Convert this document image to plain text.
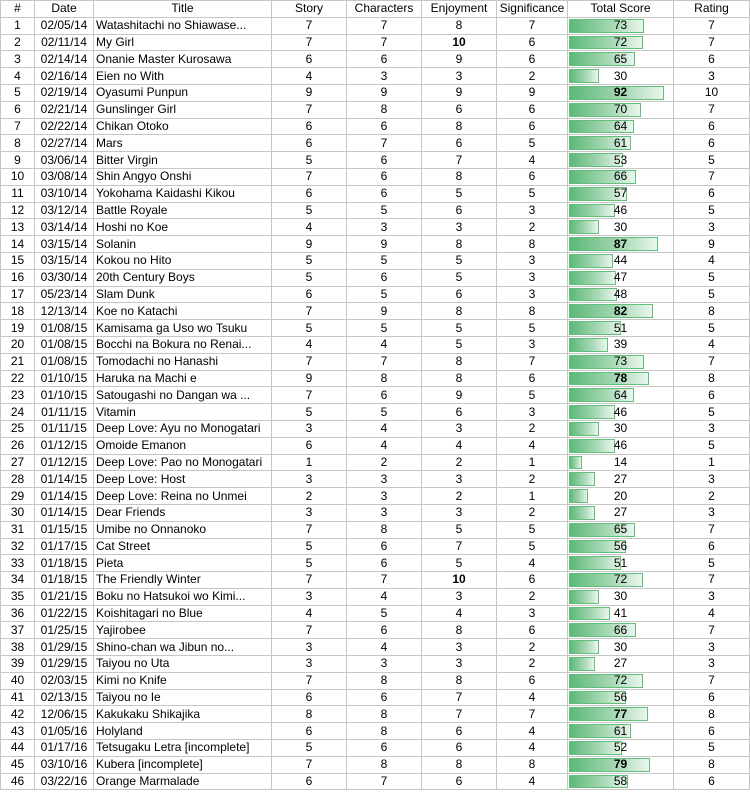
#	Date	Title	Story	Characters	Enjoyment	Significance	Total Score	Rating
1	02/05/14	Watashitachi no Shiawase...	7	7	8	7	73	7
2	02/11/14	My Girl	7	7	10	6	72	7
3	02/14/14	Onanie Master Kurosawa	6	6	9	6	65	6
4	02/16/14	Eien no With	4	3	3	2	30	3
5	02/19/14	Oyasumi Punpun	9	9	9	9	92	10
6	02/21/14	Gunslinger Girl	7	8	6	6	70	7
7	02/22/14	Chikan Otoko	6	6	8	6	64	6
8	02/27/14	Mars	6	7	6	5	61	6
9	03/06/14	Bitter Virgin	5	6	7	4	53	5
10	03/08/14	Shin Angyo Onshi	7	6	8	6	66	7
11	03/10/14	Yokohama Kaidashi Kikou	6	6	5	5	57	6
12	03/12/14	Battle Royale	5	5	6	3	46	5
13	03/14/14	Hoshi no Koe	4	3	3	2	30	3
14	03/15/14	Solanin	9	9	8	8	87	9
15	03/15/14	Kokou no Hito	5	5	5	3	44	4
16	03/30/14	20th Century Boys	5	6	5	3	47	5
17	05/23/14	Slam Dunk	6	5	6	3	48	5
18	12/13/14	Koe no Katachi	7	9	8	8	82	8
19	01/08/15	Kamisama ga Uso wo Tsuku	5	5	5	5	51	5
20	01/08/15	Bocchi na Bokura no Renai...	4	4	5	3	39	4
21	01/08/15	Tomodachi no Hanashi	7	7	8	7	73	7
22	01/10/15	Haruka na Machi e	9	8	8	6	78	8
23	01/10/15	Satougashi no Dangan wa ...	7	6	9	5	64	6
24	01/11/15	Vitamin	5	5	6	3	46	5
25	01/11/15	Deep Love: Ayu no Monogatari	3	4	3	2	30	3
26	01/12/15	Omoide Emanon	6	4	4	4	46	5
27	01/12/15	Deep Love: Pao no Monogatari	1	2	2	1	14	1
28	01/14/15	Deep Love: Host	3	3	3	2	27	3
29	01/14/15	Deep Love: Reina no Unmei	2	3	2	1	20	2
30	01/14/15	Dear Friends	3	3	3	2	27	3
31	01/15/15	Umibe no Onnanoko	7	8	5	5	65	7
32	01/17/15	Cat Street	5	6	7	5	56	6
33	01/18/15	Pieta	5	6	5	4	51	5
34	01/18/15	The Friendly Winter	7	7	10	6	72	7
35	01/21/15	Boku no Hatsukoi wo Kimi...	3	4	3	2	30	3
36	01/22/15	Koishitagari no Blue	4	5	4	3	41	4
37	01/25/15	Yajirobee	7	6	8	6	66	7
38	01/29/15	Shino-chan wa Jibun no...	3	4	3	2	30	3
39	01/29/15	Taiyou no Uta	3	3	3	2	27	3
40	02/03/15	Kimi no Knife	7	8	8	6	72	7
41	02/13/15	Taiyou no Ie	6	6	7	4	56	6
42	12/06/15	Kakukaku Shikajika	8	8	7	7	77	8
43	01/05/16	Holyland	6	8	6	4	61	6
44	01/17/16	Tetsugaku Letra [incomplete]	5	6	6	4	52	5
45	03/10/16	Kubera [incomplete]	7	8	8	8	79	8
46	03/22/16	Orange Marmalade	6	7	6	4	58	6
